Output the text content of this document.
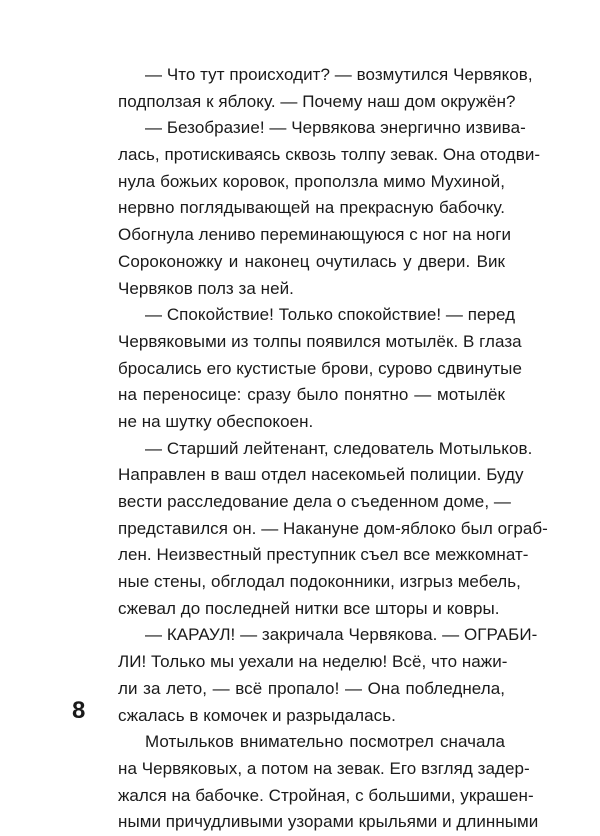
— Что тут происходит? — возмутился Червяков,
подползая к яблоку. — Почему наш дом окружён?
— Безобразие! — Червякова энергично извива-
лась, протискиваясь сквозь толпу зевак. Она отодви-
нула божьих коровок, проползла мимо Мухиной,
нервно поглядывающей на прекрасную бабочку.
Обогнула лениво переминающуюся с ног на ноги
Сороконожку и наконец очутилась у двери. Вик
Червяков полз за ней.
— Спокойствие! Только спокойствие! — перед
Червяковыми из толпы появился мотылёк. В глаза
бросались его кустистые брови, сурово сдвинутые
на переносице: сразу было понятно — мотылёк
не на шутку обеспокоен.
— Старший лейтенант, следователь Мотыльков.
Направлен в ваш отдел насекомьей полиции. Буду
вести расследование дела о съеденном доме, —
представился он. — Накануне дом-яблоко был ограб-
лен. Неизвестный преступник съел все межкомнат-
ные стены, обглодал подоконники, изгрыз мебель,
сжевал до последней нитки все шторы и ковры.
— КАРАУЛ! — закричала Червякова. — ОГРАБИ-
ЛИ! Только мы уехали на неделю! Всё, что нажи-
ли за лето, — всё пропало! — Она побледнела,
сжалась в комочек и разрыдалась.
Мотыльков внимательно посмотрел сначала
на Червяковых, а потом на зевак. Его взгляд задер-
жался на бабочке. Стройная, с большими, украшен-
ными причудливыми узорами крыльями и длинными
8
